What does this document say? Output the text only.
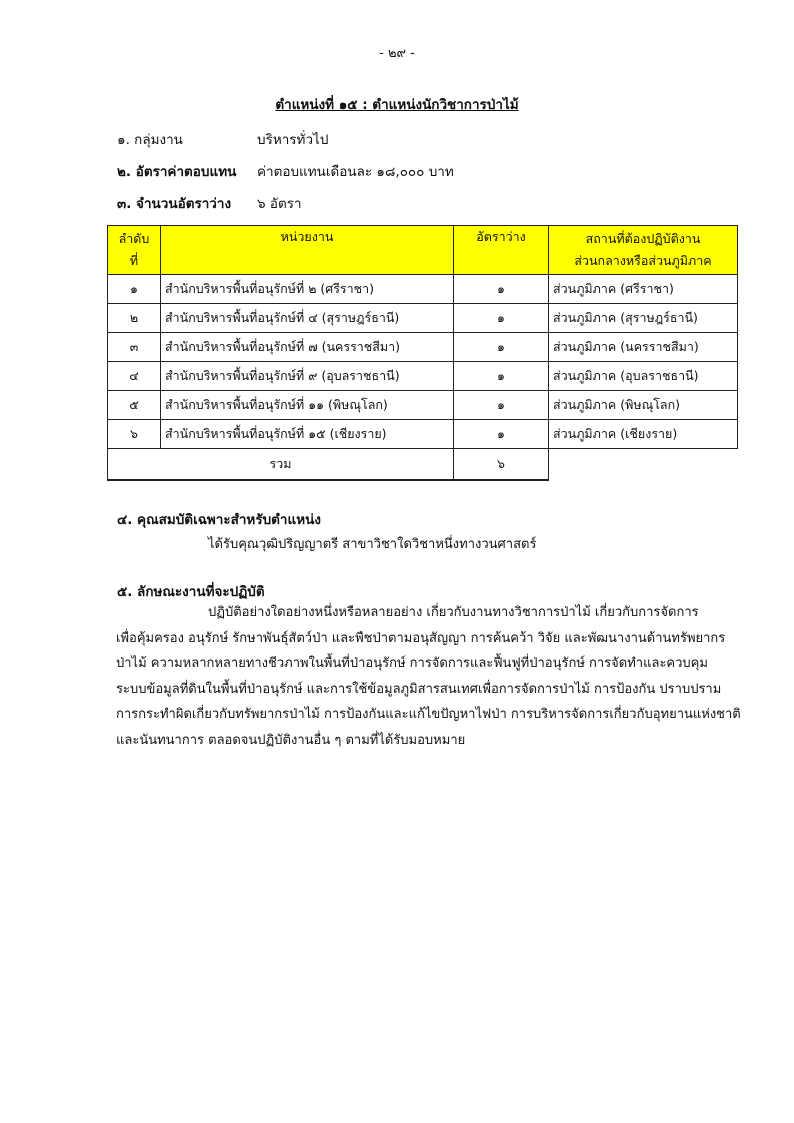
- ๒๙ -
ตำแหน่งที่ ๑๕ : ตำแหน่งนักวิชาการป่าไม้
๑. กลุ่มงาน	บริหารทั่วไป
๒. อัตราค่าตอบแทน ค่าตอบแทนเดือนละ ๑๘,๐๐๐ บาท
๓. จำนวนอัตราว่าง ๖ อัตรา
ลำดับ
ที่	หน่วยงาน	อัตราว่าง	สถานที่ต้องปฏิบัติงาน
ส่วนกลางหรือส่วนภูมิภาค
๑	สำนักบริหารพื้นที่อนุรักษ์ที่ ๒ (ศรีราชา)	๑	ส่วนภูมิภาค (ศรีราชา)
๒	สำนักบริหารพื้นที่อนุรักษ์ที่ ๔ (สุราษฎร์ธานี)	๑	ส่วนภูมิภาค (สุราษฎร์ธานี)
๓	สำนักบริหารพื้นที่อนุรักษ์ที่ ๗ (นครราชสีมา)	๑	ส่วนภูมิภาค (นครราชสีมา)
๔	สำนักบริหารพื้นที่อนุรักษ์ที่ ๙ (อุบลราชธานี)	๑	ส่วนภูมิภาค (อุบลราชธานี)
๕	สำนักบริหารพื้นที่อนุรักษ์ที่ ๑๑ (พิษณุโลก)	๑	ส่วนภูมิภาค (พิษณุโลก)
๖	สำนักบริหารพื้นที่อนุรักษ์ที่ ๑๕ (เชียงราย)	๑	ส่วนภูมิภาค (เชียงราย)
รวม		๖	
๔. คุณสมบัติเฉพาะสำหรับตำแหน่ง
ได้รับคุณวุฒิปริญญาตรี สาขาวิชาใดวิชาหนึ่งทางวนศาสตร์
๕. ลักษณะงานที่จะปฏิบัติ
ปฏิบัติอย่างใดอย่างหนึ่งหรือหลายอย่าง เกี่ยวกับงานทางวิชาการป่าไม้ เกี่ยวกับการจัดการ
เพื่อคุ้มครอง อนุรักษ์ รักษาพันธุ์สัตว์ป่า และพืชป่าตามอนุสัญญา การค้นคว้า วิจัย และพัฒนางานด้านทรัพยากร
ป่าไม้ ความหลากหลายทางชีวภาพในพื้นที่ป่าอนุรักษ์ การจัดการและฟื้นฟูที่ป่าอนุรักษ์ การจัดทำและควบคุม
ระบบข้อมูลที่ดินในพื้นที่ป่าอนุรักษ์ และการใช้ข้อมูลภูมิสารสนเทศเพื่อการจัดการป่าไม้ การป้องกัน ปราบปราม
การกระทำผิดเกี่ยวกับทรัพยากรป่าไม้ การป้องกันและแก้ไขปัญหาไฟป่า การบริหารจัดการเกี่ยวกับอุทยานแห่งชาติ
และนันทนาการ ตลอดจนปฏิบัติงานอื่น ๆ ตามที่ได้รับมอบหมาย
